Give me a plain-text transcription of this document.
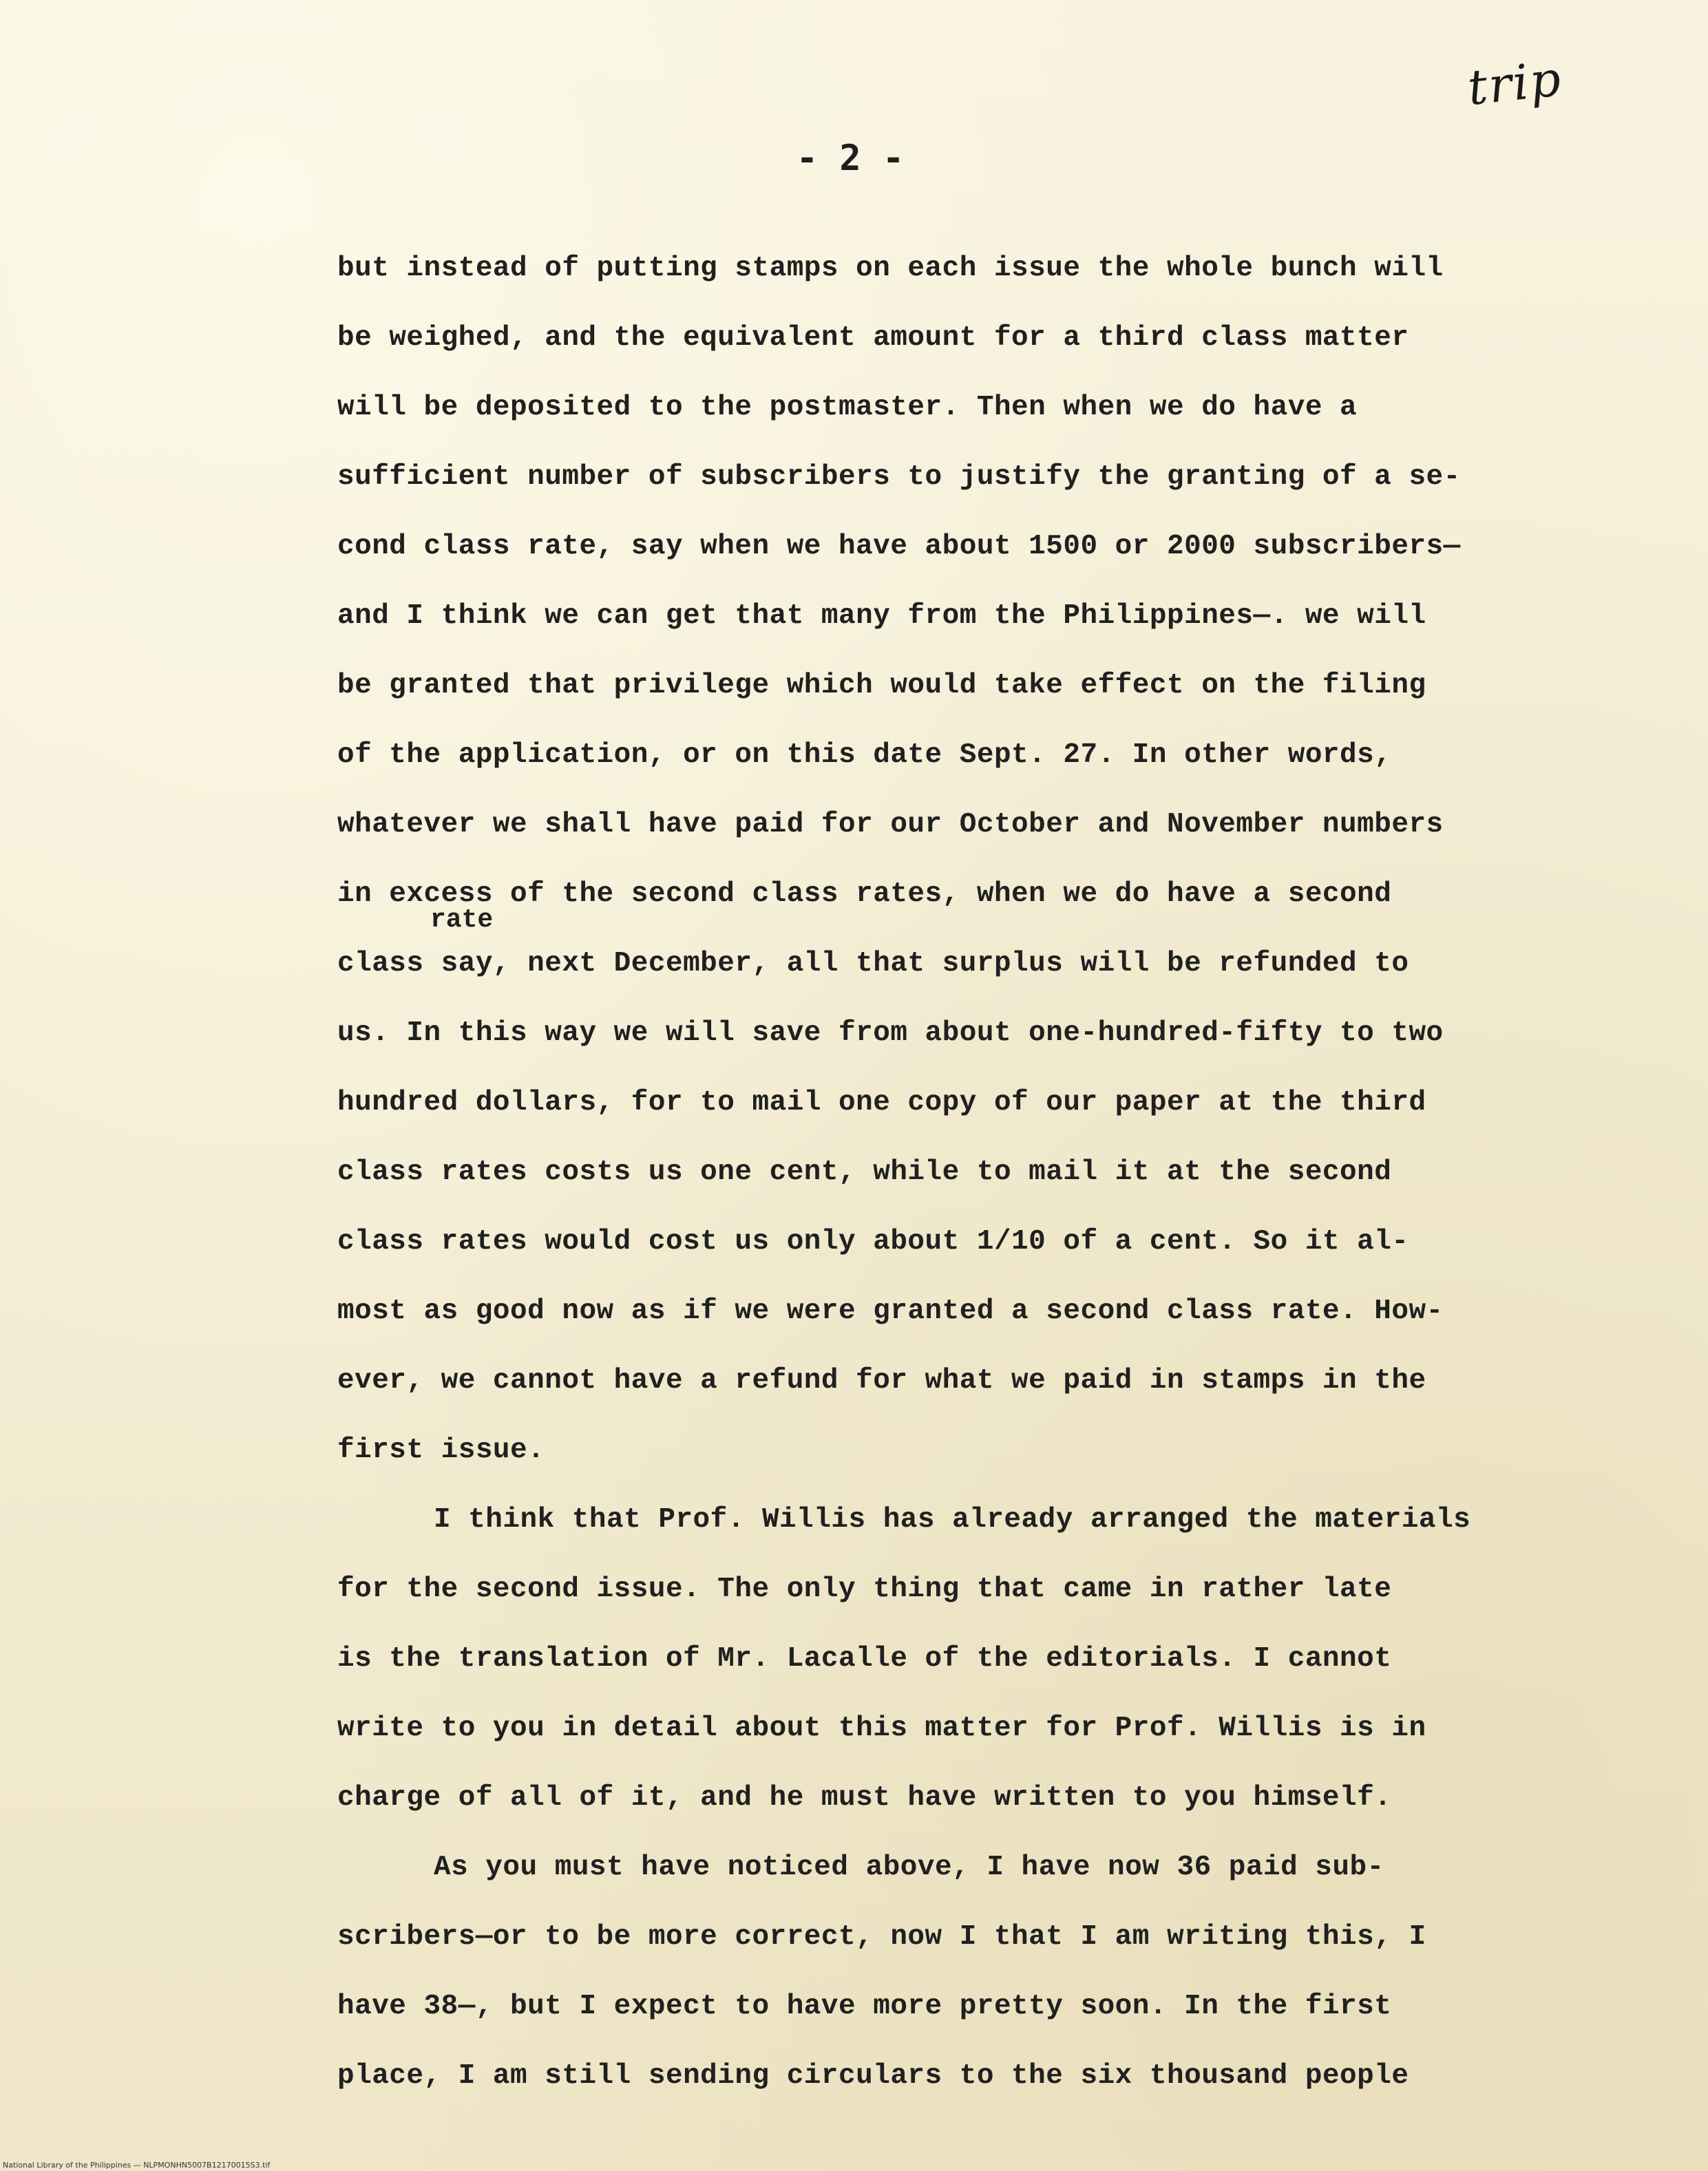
trip
- 2 -
rate
but instead of putting stamps on each issue the whole bunch will
be weighed, and the equivalent amount for a third class matter
will be deposited to the postmaster. Then when we do have a
sufficient number of subscribers to justify the granting of a se-
cond class rate, say when we have about 1500 or 2000 subscribers—
and I think we can get that many from the Philippines—. we will
be granted that privilege which would take effect on the filing
of the application, or on this date Sept. 27. In other words,
whatever we shall have paid for our October and November numbers
in excess of the second class rates, when we do have a second
class say, next December, all that surplus will be refunded to
us. In this way we will save from about one-hundred-fifty to two
hundred dollars, for to mail one copy of our paper at the third
class rates costs us one cent, while to mail it at the second
class rates would cost us only about 1/10 of a cent. So it al-
most as good now as if we were granted a second class rate. How-
ever, we cannot have a refund for what we paid in stamps in the
first issue.
I think that Prof. Willis has already arranged the materials
for the second issue. The only thing that came in rather late
is the translation of Mr. Lacalle of the editorials. I cannot
write to you in detail about this matter for Prof. Willis is in
charge of all of it, and he must have written to you himself.
As you must have noticed above, I have now 36 paid sub-
scribers—or to be more correct, now I that I am writing this, I
have 38—, but I expect to have more pretty soon. In the first
place, I am still sending circulars to the six thousand people
National Library of the Philippines — NLPMONHN5007B12170015S3.tif
